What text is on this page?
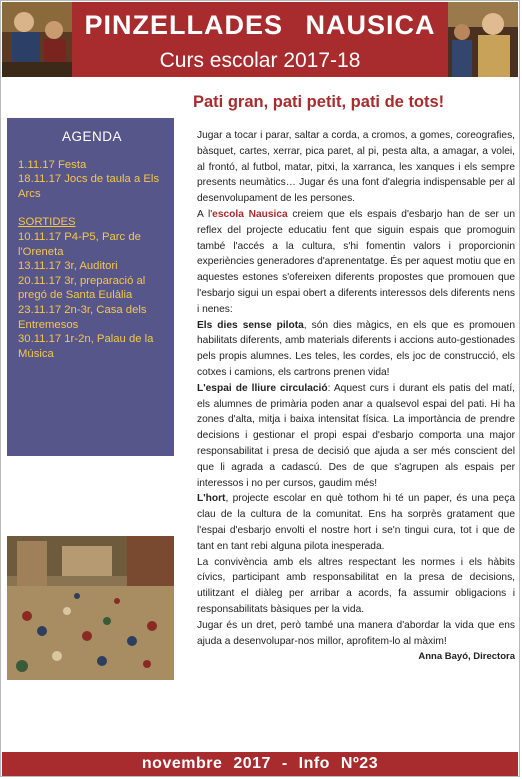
PINZELLADES NAUSICA
Curs escolar 2017-18
AGENDA

1.11.17 Festa

18.11.17 Jocs de taula a Els Arcs

SORTIDES

10.11.17 P4-P5, Parc de l'Oreneta

13.11.17 3r, Auditori

20.11.17 3r, preparació al pregó de Santa Eulàlia

23.11.17 2n-3r, Casa dels Entremesos

30.11.17 1r-2n, Palau de la Música

Pati gran, pati petit, pati de tots!

Jugar a tocar i parar, saltar a corda, a cromos, a gomes, coreografies, bàsquet, cartes, xerrar, pica paret, al pi, pesta alta, a amagar, a volei, al frontó, al futbol, matar, pitxi, la xarranca, les xanques i els sempre presents neumàtics… Jugar és una font d'alegria indispensable per al desenvolupament de les persones.

A l'escola Nausica creiem que els espais d'esbarjo han de ser un reflex del projecte educatiu fent que siguin espais que promoguin també l'accés a la cultura, s'hi fomentin valors i proporcionin experiències generadores d'aprenentatge. És per aquest motiu que en aquestes estones s'ofereixen diferents propostes que promouen que l'esbarjo sigui un espai obert a diferents interessos dels diferents nens i nenes:

Els dies sense pilota, són dies màgics, en els que es promouen habilitats diferents, amb materials diferents i accions auto-gestionades pels propis alumnes. Les teles, les cordes, els joc de construcció, els cotxes i camions, els cartrons prenen vida!

L'espai de lliure circulació: Aquest curs i durant els patis del matí, els alumnes de primària poden anar a qualsevol espai del pati. Hi ha zones d'alta, mitja i baixa intensitat física. La importància de prendre decisions i gestionar el propi espai d'esbarjo comporta una major responsabilitat i presa de decisió que ajuda a ser més conscient del que li agrada a cadascú. Des de que s'agrupen als espais per interessos i no per cursos, gaudim més!

L'hort, projecte escolar en què tothom hi té un paper, és una peça clau de la cultura de la comunitat. Ens ha sorprès gratament que l'espai d'esbarjo envolti el nostre hort i se'n tingui cura, tot i que de tant en tant rebi alguna pilota inesperada.

La convivència amb els altres respectant les normes i els hàbits cívics, participant amb responsabilitat en la presa de decisions, utilitzant el diàleg per arribar a acords, fa assumir obligacions i responsabilitats bàsiques per la vida.

Jugar és un dret, però també una manera d'abordar la vida que ens ajuda a desenvolupar-nos millor, aprofitem-lo al màxim!

Anna Bayó, Directora

novembre 2017 - Info Nº23
